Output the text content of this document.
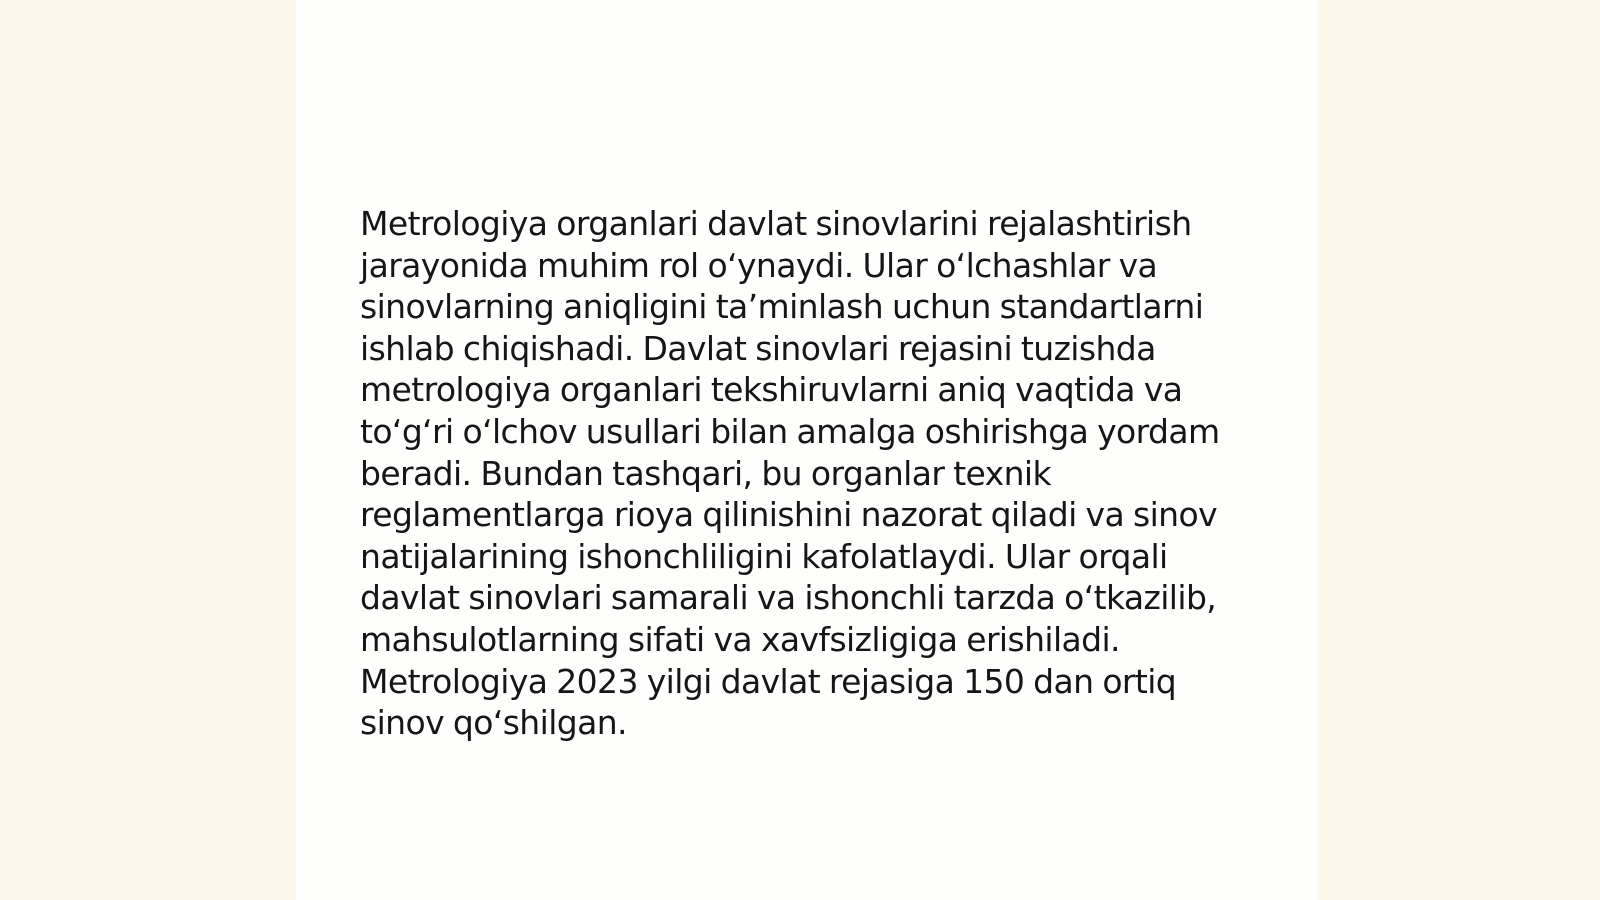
Metrologiya organlari davlat sinovlarini rejalashtirish
jarayonida muhim rol o‘ynaydi. Ular o‘lchashlar va
sinovlarning aniqligini ta’minlash uchun standartlarni
ishlab chiqishadi. Davlat sinovlari rejasini tuzishda
metrologiya organlari tekshiruvlarni aniq vaqtida va
to‘g‘ri o‘lchov usullari bilan amalga oshirishga yordam
beradi. Bundan tashqari, bu organlar texnik
reglamentlarga rioya qilinishini nazorat qiladi va sinov
natijalarining ishonchliligini kafolatlaydi. Ular orqali
davlat sinovlari samarali va ishonchli tarzda o‘tkazilib,
mahsulotlarning sifati va xavfsizligiga erishiladi.
Metrologiya 2023 yilgi davlat rejasiga 150 dan ortiq
sinov qo‘shilgan.
